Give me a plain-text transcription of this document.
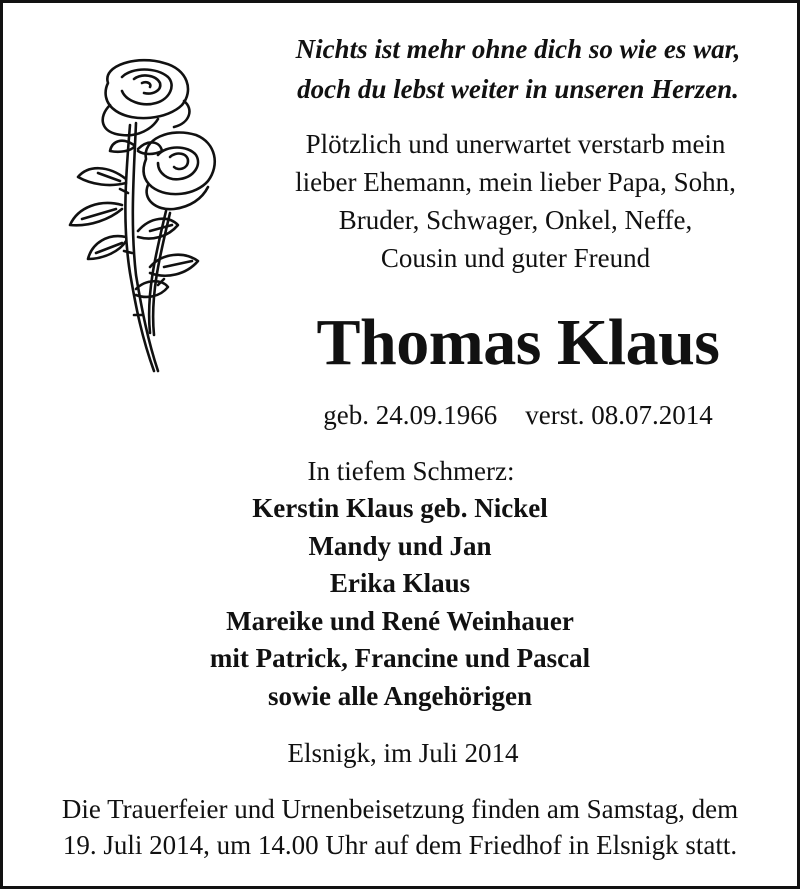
Nichts ist mehr ohne dich so wie es war,
doch du lebst weiter in unseren Herzen.
Plötzlich und unerwartet verstarb mein
lieber Ehemann, mein lieber Papa, Sohn,
Bruder, Schwager, Onkel, Neffe,
Cousin und guter Freund
Thomas Klaus
geb. 24.09.1966 verst. 08.07.2014
In tiefem Schmerz:
Kerstin Klaus geb. Nickel
Mandy und Jan
Erika Klaus
Mareike und René Weinhauer
mit Patrick, Francine und Pascal
sowie alle Angehörigen
Elsnigk, im Juli 2014
Die Trauerfeier und Urnenbeisetzung finden am Samstag, dem
19. Juli 2014, um 14.00 Uhr auf dem Friedhof in Elsnigk statt.
